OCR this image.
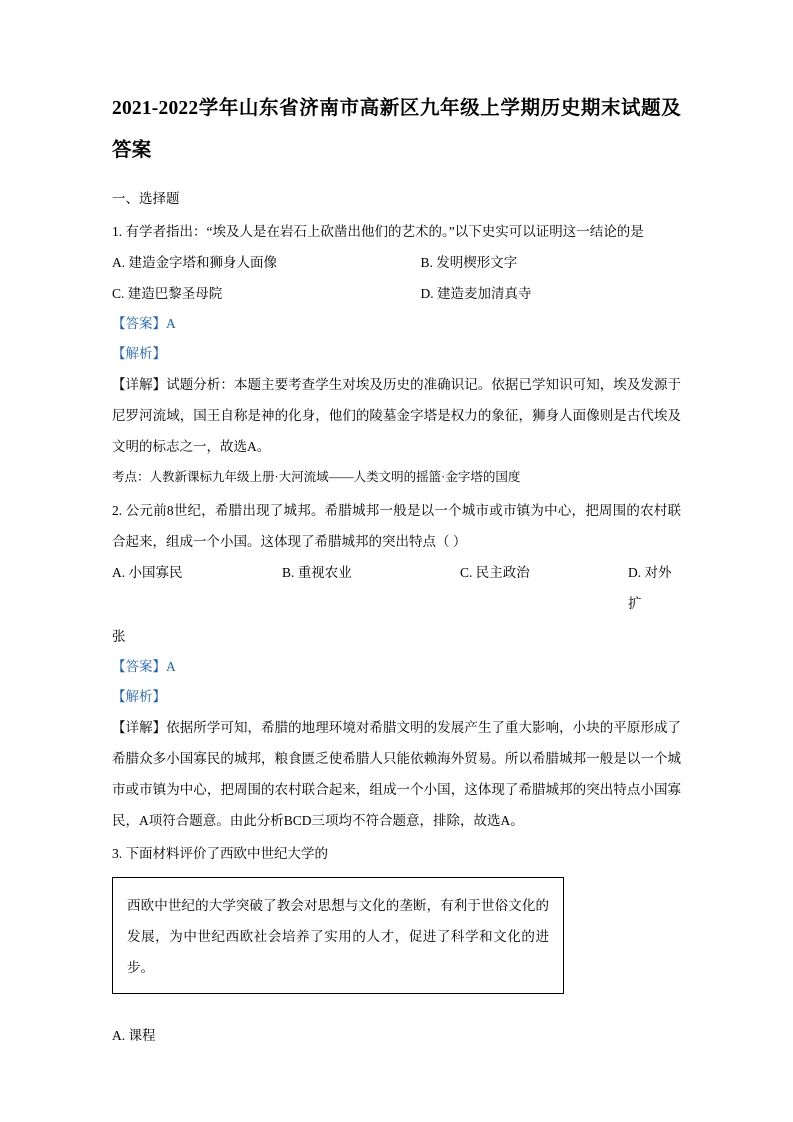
2021-2022学年山东省济南市高新区九年级上学期历史期末试题及答案
一、选择题
1. 有学者指出：“埃及人是在岩石上砍凿出他们的艺术的。”以下史实可以证明这一结论的是
A. 建造金字塔和狮身人面像	B. 发明楔形文字
C. 建造巴黎圣母院	D. 建造麦加清真寺
【答案】A
【解析】
【详解】试题分析：本题主要考查学生对埃及历史的准确识记。依据已学知识可知，埃及发源于尼罗河流域，国王自称是神的化身，他们的陵墓金字塔是权力的象征，狮身人面像则是古代埃及文明的标志之一，故选A。
考点：人教新课标九年级上册·大河流域——人类文明的摇篮·金字塔的国度
2. 公元前8世纪，希腊出现了城邦。希腊城邦一般是以一个城市或市镇为中心，把周围的农村联合起来，组成一个小国。这体现了希腊城邦的突出特点（ ）
A. 小国寡民	B. 重视农业	C. 民主政治	D. 对外扩
张
【答案】A
【解析】
【详解】依据所学可知，希腊的地理环境对希腊文明的发展产生了重大影响，小块的平原形成了希腊众多小国寡民的城邦，粮食匮乏使希腊人只能依赖海外贸易。所以希腊城邦一般是以一个城市或市镇为中心，把周围的农村联合起来，组成一个小国，这体现了希腊城邦的突出特点小国寡民，A项符合题意。由此分析BCD三项均不符合题意，排除，故选A。
3. 下面材料评价了西欧中世纪大学的

西欧中世纪的大学突破了教会对思想与文化的垄断，有利于世俗文化的发展，为中世纪西欧社会培养了实用的人才，促进了科学和文化的进步。

A. 课程
